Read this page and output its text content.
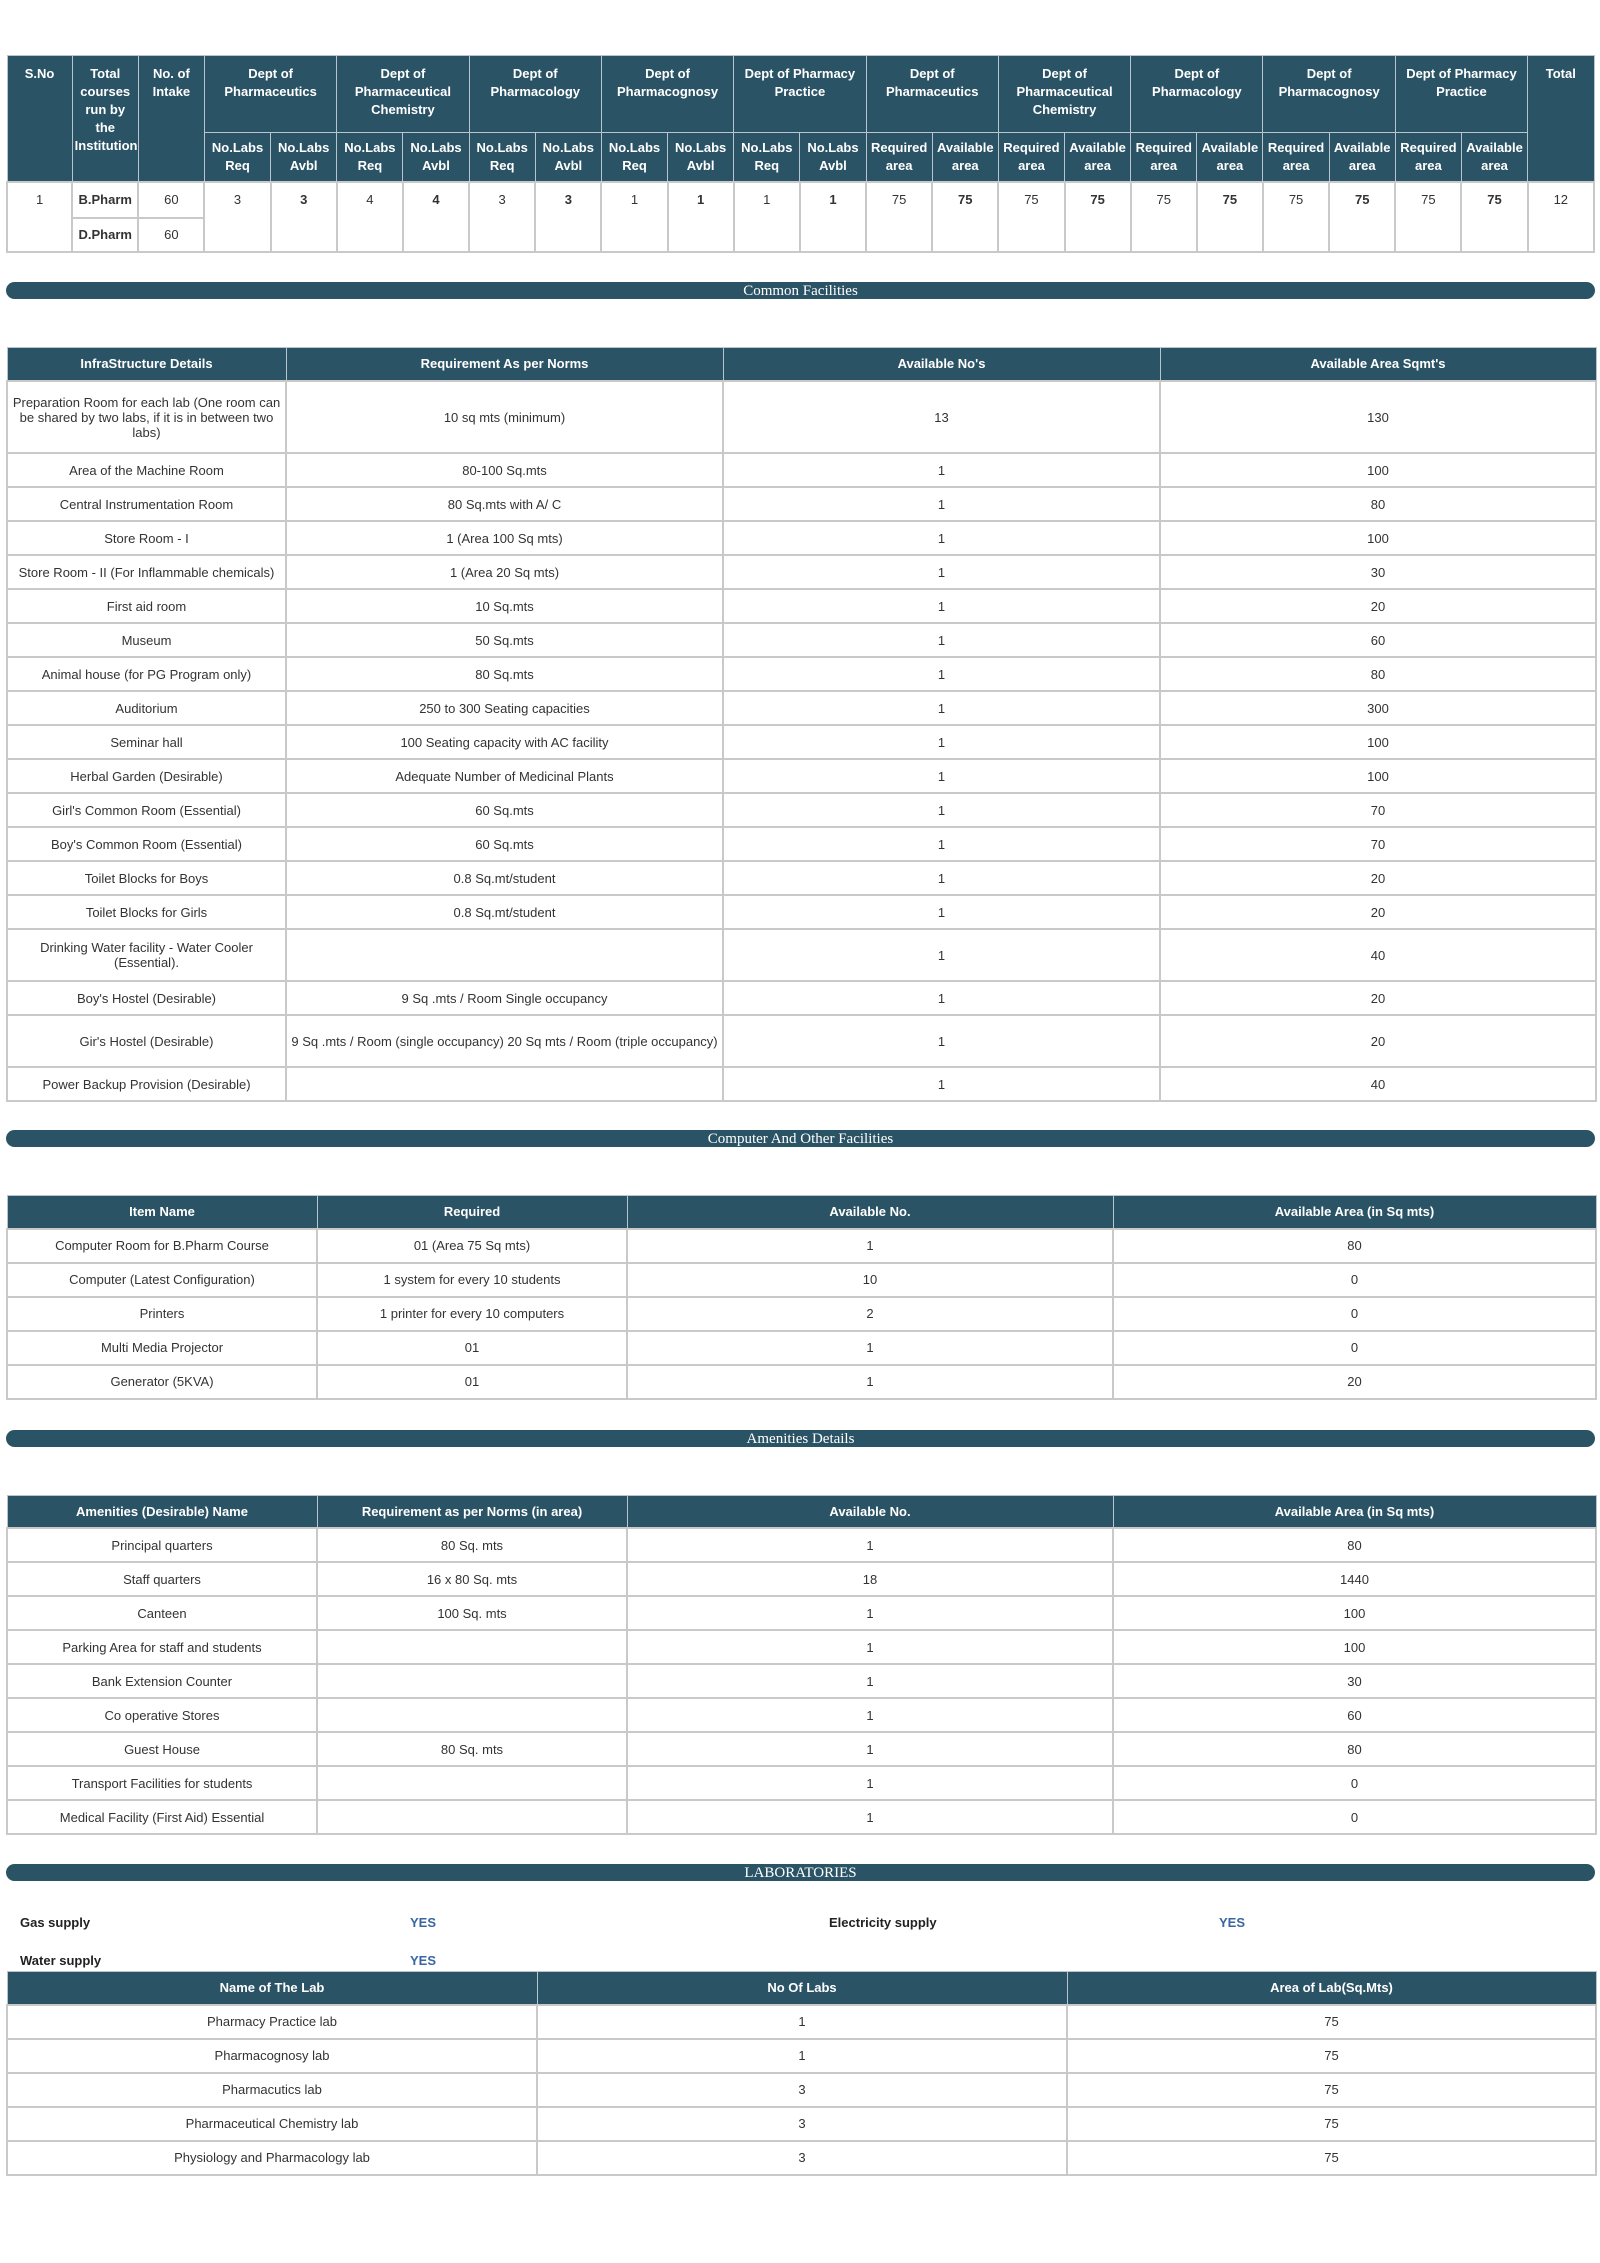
S.No	Total courses run by the Institution	No. of Intake	Dept of Pharmaceutics		Dept of Pharmaceutical Chemistry		Dept of Pharmacology		Dept of Pharmacognosy		Dept of Pharmacy Practice		Dept of Pharmaceutics		Dept of Pharmaceutical Chemistry		Dept of Pharmacology		Dept of Pharmacognosy		Dept of Pharmacy Practice		Total
			No.Labs Req	No.Labs Avbl	No.Labs Req	No.Labs Avbl	No.Labs Req	No.Labs Avbl	No.Labs Req	No.Labs Avbl	No.Labs Req	No.Labs Avbl	Required area	Available area	Required area	Available area	Required area	Available area	Required area	Available area	Required area	Available area	
1	B.Pharm	60	3	3	4	4	3	3	1	1	1	1	75	75	75	75	75	75	75	75	75	75	12
	D.Pharm	60																					
Common Facilities
InfraStructure Details	Requirement As per Norms	Available No's	Available Area Sqmt's
Preparation Room for each lab (One room can be shared by two labs, if it is in between two labs)	10 sq mts (minimum)	13	130
Area of the Machine Room	80-100 Sq.mts	1	100
Central Instrumentation Room	80 Sq.mts with A/ C	1	80
Store Room - I	1 (Area 100 Sq mts)	1	100
Store Room - II (For Inflammable chemicals)	1 (Area 20 Sq mts)	1	30
First aid room	10 Sq.mts	1	20
Museum	50 Sq.mts	1	60
Animal house (for PG Program only)	80 Sq.mts	1	80
Auditorium	250 to 300 Seating capacities	1	300
Seminar hall	100 Seating capacity with AC facility	1	100
Herbal Garden (Desirable)	Adequate Number of Medicinal Plants	1	100
Girl's Common Room (Essential)	60 Sq.mts	1	70
Boy's Common Room (Essential)	60 Sq.mts	1	70
Toilet Blocks for Boys	0.8 Sq.mt/student	1	20
Toilet Blocks for Girls	0.8 Sq.mt/student	1	20
Drinking Water facility - Water Cooler (Essential).		1	40
Boy's Hostel (Desirable)	9 Sq .mts / Room Single occupancy	1	20
Gir's Hostel (Desirable)	9 Sq .mts / Room (single occupancy) 20 Sq mts / Room (triple occupancy)	1	20
Power Backup Provision (Desirable)		1	40
Computer And Other Facilities
Item Name	Required	Available No.	Available Area (in Sq mts)
Computer Room for B.Pharm Course	01 (Area 75 Sq mts)	1	80
Computer (Latest Configuration)	1 system for every 10 students	10	0
Printers	1 printer for every 10 computers	2	0
Multi Media Projector	01	1	0
Generator (5KVA)	01	1	20
Amenities Details
Amenities (Desirable) Name	Requirement as per Norms (in area)	Available No.	Available Area (in Sq mts)
Principal quarters	80 Sq. mts	1	80
Staff quarters	16 x 80 Sq. mts	18	1440
Canteen	100 Sq. mts	1	100
Parking Area for staff and students		1	100
Bank Extension Counter		1	30
Co operative Stores		1	60
Guest House	80 Sq. mts	1	80
Transport Facilities for students		1	0
Medical Facility (First Aid) Essential		1	0
LABORATORIES
Gas supply	YES	Electricity supply	YES
Water supply	YES
Name of The Lab	No Of Labs	Area of Lab(Sq.Mts)
Pharmacy Practice lab	1	75
Pharmacognosy lab	1	75
Pharmacutics lab	3	75
Pharmaceutical Chemistry lab	3	75
Physiology and Pharmacology lab	3	75
